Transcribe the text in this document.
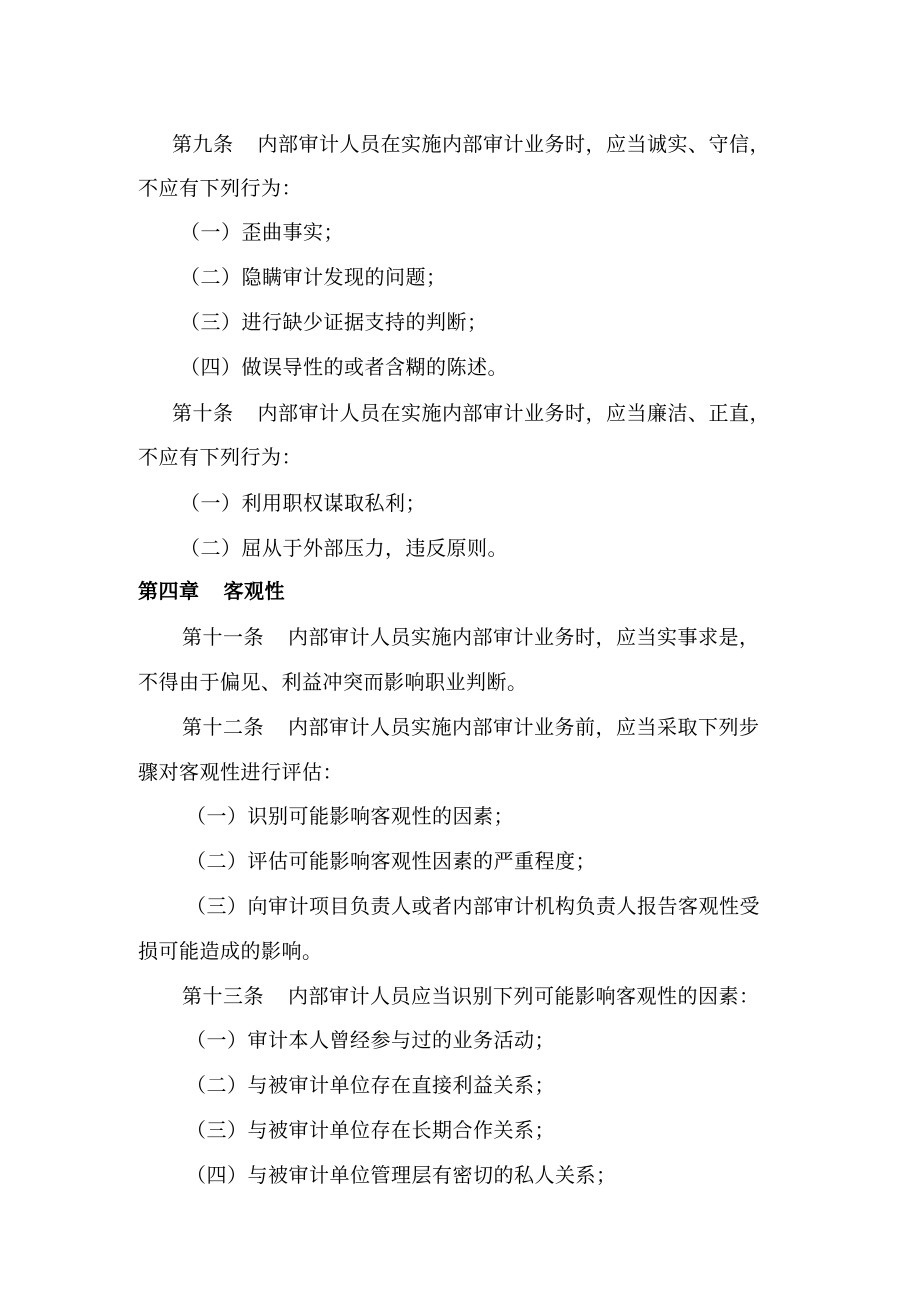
第九条 内部审计人员在实施内部审计业务时，应当诚实、守信，
不应有下列行为：
（一）歪曲事实；
（二）隐瞒审计发现的问题；
（三）进行缺少证据支持的判断；
（四）做误导性的或者含糊的陈述。
第十条 内部审计人员在实施内部审计业务时，应当廉洁、正直，
不应有下列行为：
（一）利用职权谋取私利；
（二）屈从于外部压力，违反原则。
第四章 客观性
第十一条 内部审计人员实施内部审计业务时，应当实事求是，
不得由于偏见、利益冲突而影响职业判断。
第十二条 内部审计人员实施内部审计业务前，应当采取下列步
骤对客观性进行评估：
（一）识别可能影响客观性的因素；
（二）评估可能影响客观性因素的严重程度；
（三）向审计项目负责人或者内部审计机构负责人报告客观性受
损可能造成的影响。
第十三条 内部审计人员应当识别下列可能影响客观性的因素：
（一）审计本人曾经参与过的业务活动；
（二）与被审计单位存在直接利益关系；
（三）与被审计单位存在长期合作关系；
（四）与被审计单位管理层有密切的私人关系；
